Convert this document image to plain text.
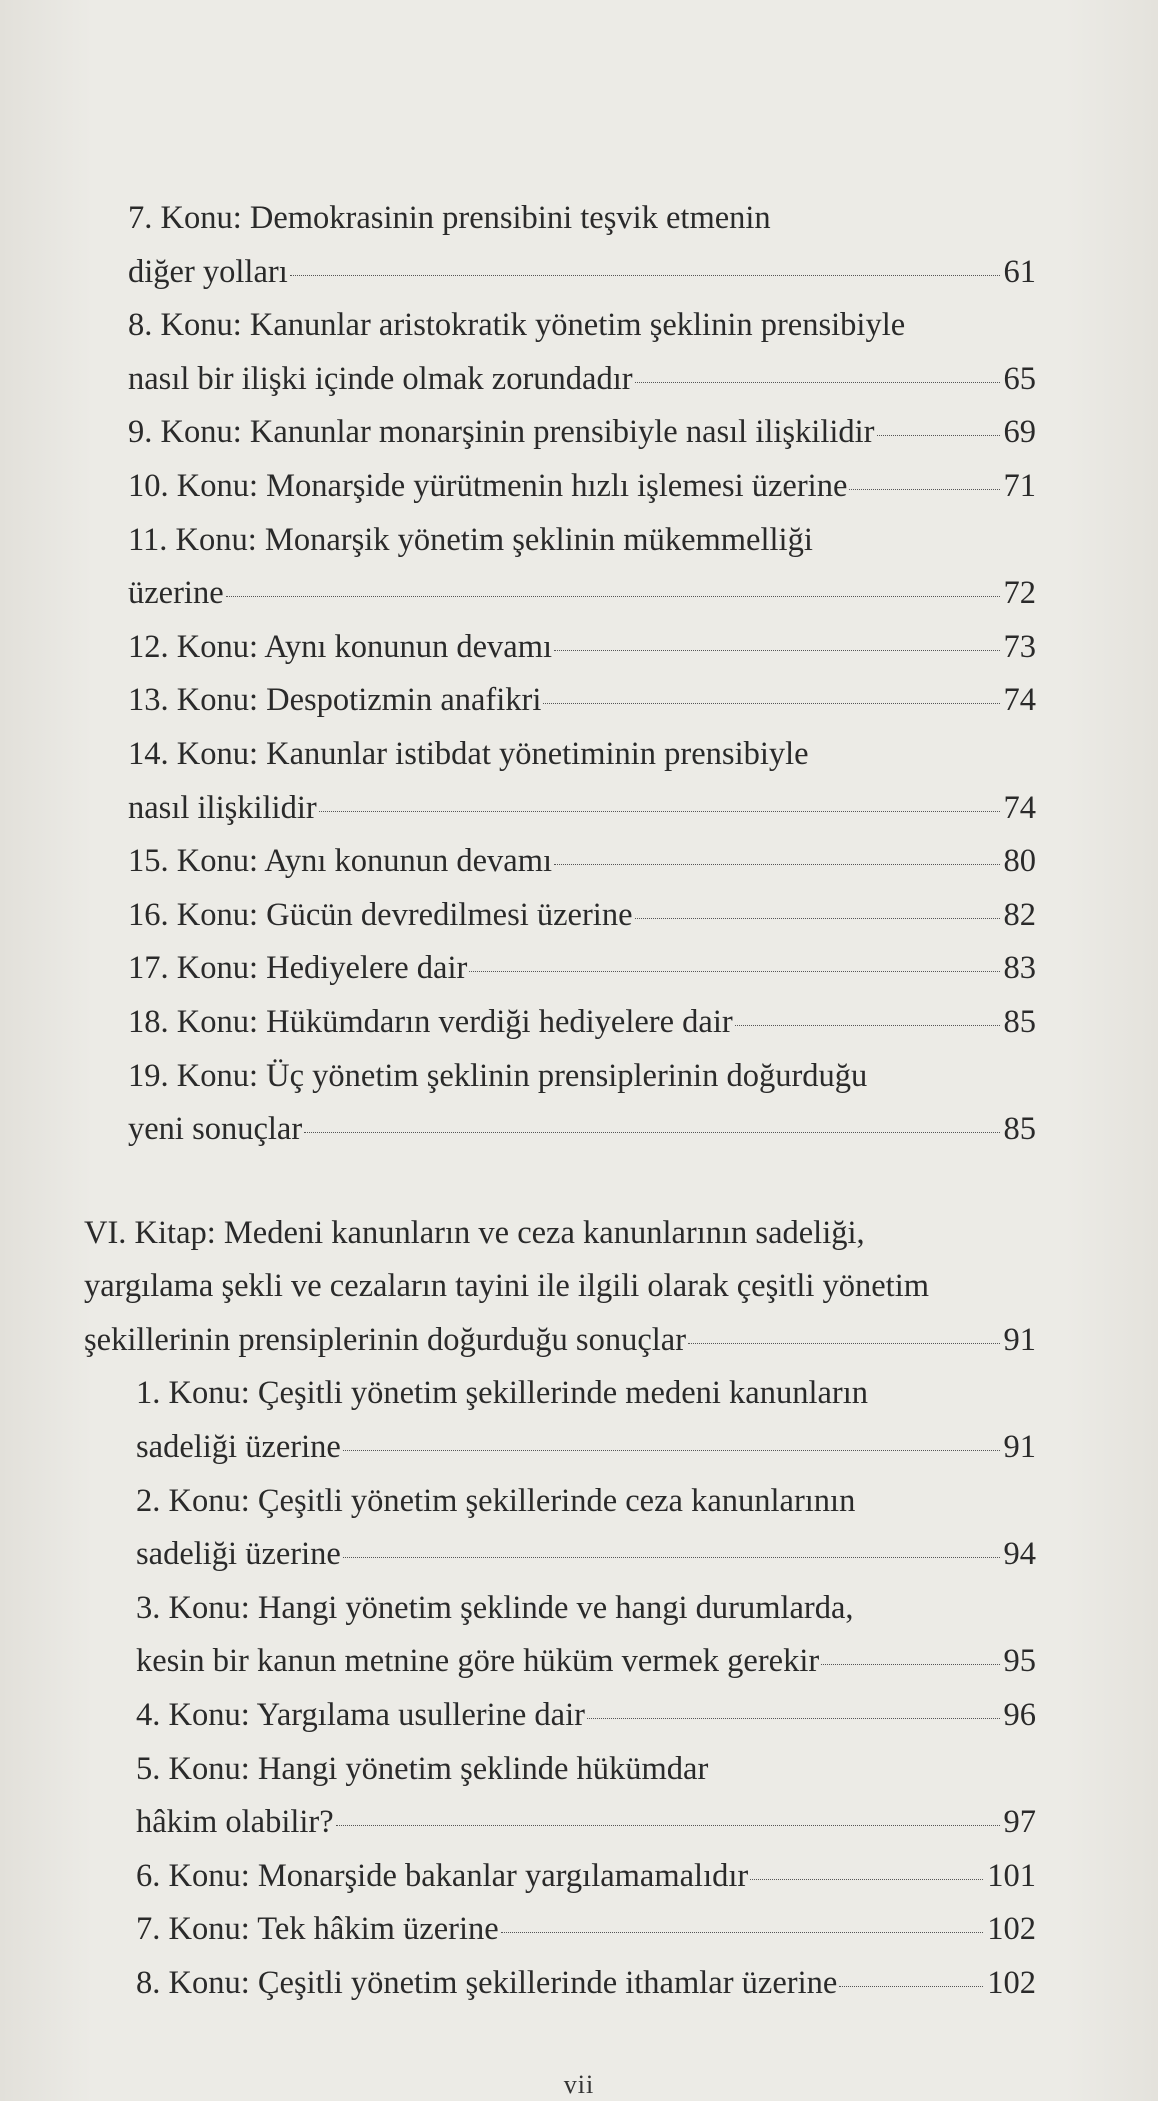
7. Konu: Demokrasinin prensibini teşvik etmenin
diğer yolları	61
8. Konu: Kanunlar aristokratik yönetim şeklinin prensibiyle
nasıl bir ilişki içinde olmak zorundadır	65
9. Konu: Kanunlar monarşinin prensibiyle nasıl ilişkilidir	69
10. Konu: Monarşide yürütmenin hızlı işlemesi üzerine	71
11. Konu: Monarşik yönetim şeklinin mükemmelliği
üzerine	72
12. Konu: Aynı konunun devamı	73
13. Konu: Despotizmin anafikri	74
14. Konu: Kanunlar istibdat yönetiminin prensibiyle
nasıl ilişkilidir	74
15. Konu: Aynı konunun devamı	80
16. Konu: Gücün devredilmesi üzerine	82
17. Konu: Hediyelere dair	83
18. Konu: Hükümdarın verdiği hediyelere dair	85
19. Konu: Üç yönetim şeklinin prensiplerinin doğurduğu
yeni sonuçlar	85
VI. Kitap: Medeni kanunların ve ceza kanunlarının sadeliği,
yargılama şekli ve cezaların tayini ile ilgili olarak çeşitli yönetim
şekillerinin prensiplerinin doğurduğu sonuçlar	91
1. Konu: Çeşitli yönetim şekillerinde medeni kanunların
sadeliği üzerine	91
2. Konu: Çeşitli yönetim şekillerinde ceza kanunlarının
sadeliği üzerine	94
3. Konu: Hangi yönetim şeklinde ve hangi durumlarda,
kesin bir kanun metnine göre hüküm vermek gerekir	95
4. Konu: Yargılama usullerine dair	96
5. Konu: Hangi yönetim şeklinde hükümdar
hâkim olabilir?	97
6. Konu: Monarşide bakanlar yargılamamalıdır	101
7. Konu: Tek hâkim üzerine	102
8. Konu: Çeşitli yönetim şekillerinde ithamlar üzerine	102
vii
